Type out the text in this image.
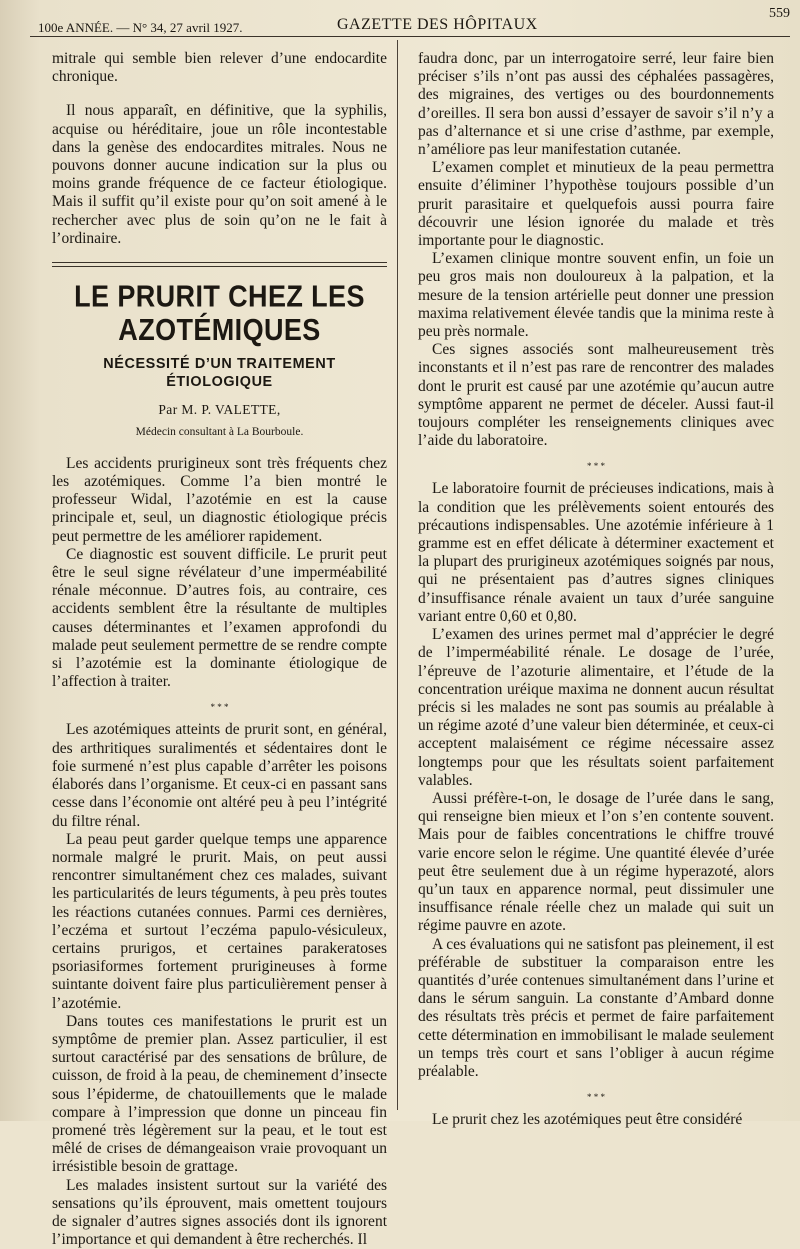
100e ANNÉE. — N° 34, 27 avril 1927.	GAZETTE DES HÔPITAUX
559

mitrale qui semble bien relever d’une endocardite chronique.

Il nous apparaît, en définitive, que la syphilis, acquise ou héréditaire, joue un rôle incontestable dans la genèse des endocardites mitrales. Nous ne pouvons donner aucune indication sur la plus ou moins grande fréquence de ce facteur étiologique. Mais il suffit qu’il existe pour qu’on soit amené à le rechercher avec plus de soin qu’on ne le fait à l’ordinaire.

LE PRURIT CHEZ LES AZOTÉMIQUES
NÉCESSITÉ D’UN TRAITEMENT ÉTIOLOGIQUE
Par M. P. VALETTE,
Médecin consultant à La Bourboule.

Les accidents prurigineux sont très fréquents chez les azotémiques. Comme l’a bien montré le professeur Widal, l’azotémie en est la cause principale et, seul, un diagnostic étiologique précis peut permettre de les améliorer rapidement.

Ce diagnostic est souvent difficile. Le prurit peut être le seul signe révélateur d’une imperméabilité rénale méconnue. D’autres fois, au contraire, ces accidents semblent être la résultante de multiples causes déterminantes et l’examen approfondi du malade peut seulement permettre de se rendre compte si l’azotémie est la dominante étiologique de l’affection à traiter.

* * *

Les azotémiques atteints de prurit sont, en général, des arthritiques suralimentés et sédentaires dont le foie surmené n’est plus capable d’arrêter les poisons élaborés dans l’organisme. Et ceux-ci en passant sans cesse dans l’économie ont altéré peu à peu l’intégrité du filtre rénal.

La peau peut garder quelque temps une apparence normale malgré le prurit. Mais, on peut aussi rencontrer simultanément chez ces malades, suivant les particularités de leurs téguments, à peu près toutes les réactions cutanées connues. Parmi ces dernières, l’eczéma et surtout l’eczéma papulo-vésiculeux, certains prurigos, et certaines parakeratoses psoriasiformes fortement prurigineuses à forme suintante doivent faire plus particulièrement penser à l’azotémie.

Dans toutes ces manifestations le prurit est un symptôme de premier plan. Assez particulier, il est surtout caractérisé par des sensations de brûlure, de cuisson, de froid à la peau, de cheminement d’insecte sous l’épiderme, de chatouillements que le malade compare à l’impression que donne un pinceau fin promené très légèrement sur la peau, et le tout est mêlé de crises de démangeaison vraie provoquant un irrésistible besoin de grattage.

Les malades insistent surtout sur la variété des sensations qu’ils éprouvent, mais omettent toujours de signaler d’autres signes associés dont ils ignorent l’importance et qui demandent à être recherchés. Il

faudra donc, par un interrogatoire serré, leur faire bien préciser s’ils n’ont pas aussi des céphalées passagères, des migraines, des vertiges ou des bourdonnements d’oreilles. Il sera bon aussi d’essayer de savoir s’il n’y a pas d’alternance et si une crise d’asthme, par exemple, n’améliore pas leur manifestation cutanée.

L’examen complet et minutieux de la peau permettra ensuite d’éliminer l’hypothèse toujours possible d’un prurit parasitaire et quelquefois aussi pourra faire découvrir une lésion ignorée du malade et très importante pour le diagnostic.

L’examen clinique montre souvent enfin, un foie un peu gros mais non douloureux à la palpation, et la mesure de la tension artérielle peut donner une pression maxima relativement élevée tandis que la minima reste à peu près normale.

Ces signes associés sont malheureusement très inconstants et il n’est pas rare de rencontrer des malades dont le prurit est causé par une azotémie qu’aucun autre symptôme apparent ne permet de déceler. Aussi faut-il toujours compléter les renseignements cliniques avec l’aide du laboratoire.

* * *

Le laboratoire fournit de précieuses indications, mais à la condition que les prélèvements soient entourés des précautions indispensables. Une azotémie inférieure à 1 gramme est en effet délicate à déterminer exactement et la plupart des prurigineux azotémiques soignés par nous, qui ne présentaient pas d’autres signes cliniques d’insuffisance rénale avaient un taux d’urée sanguine variant entre 0,60 et 0,80.

L’examen des urines permet mal d’apprécier le degré de l’imperméabilité rénale. Le dosage de l’urée, l’épreuve de l’azoturie alimentaire, et l’étude de la concentration uréique maxima ne donnent aucun résultat précis si les malades ne sont pas soumis au préalable à un régime azoté d’une valeur bien déterminée, et ceux-ci acceptent malaisément ce régime nécessaire assez longtemps pour que les résultats soient parfaitement valables.

Aussi préfère-t-on, le dosage de l’urée dans le sang, qui renseigne bien mieux et l’on s’en contente souvent. Mais pour de faibles concentrations le chiffre trouvé varie encore selon le régime. Une quantité élevée d’urée peut être seulement due à un régime hyperazoté, alors qu’un taux en apparence normal, peut dissimuler une insuffisance rénale réelle chez un malade qui suit un régime pauvre en azote.

A ces évaluations qui ne satisfont pas pleinement, il est préférable de substituer la comparaison entre les quantités d’urée contenues simultanément dans l’urine et dans le sérum sanguin. La constante d’Ambard donne des résultats très précis et permet de faire parfaitement cette détermination en immobilisant le malade seulement un temps très court et sans l’obliger à aucun régime préalable.

* * *

Le prurit chez les azotémiques peut être considéré
